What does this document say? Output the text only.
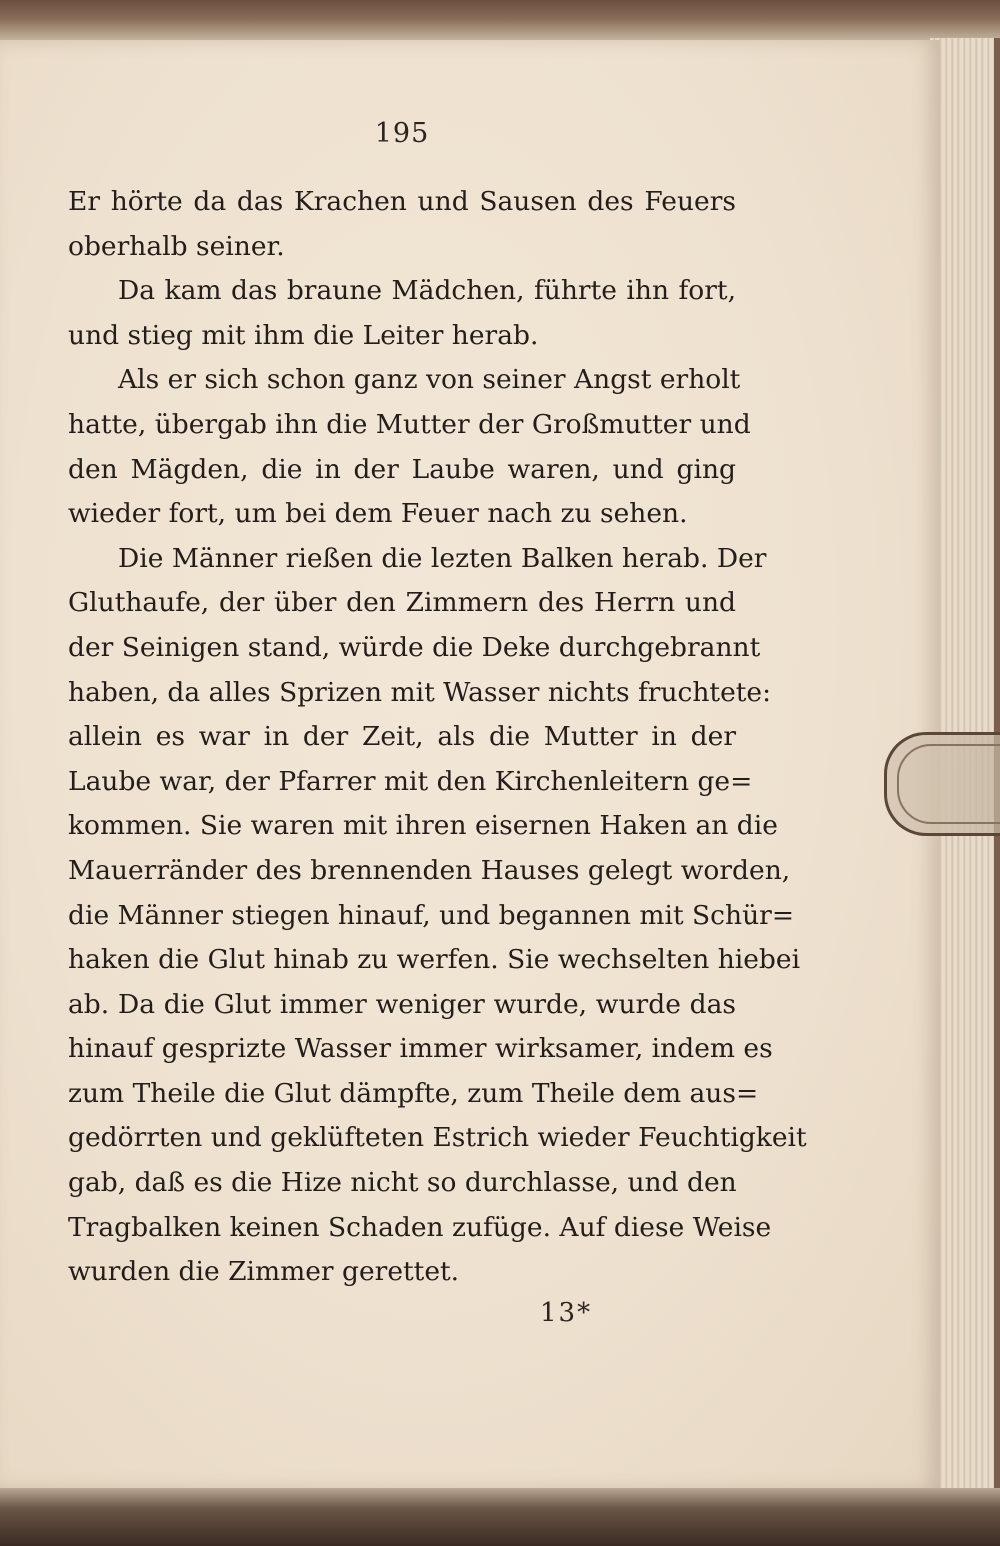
195
Er hörte da das Krachen und Sausen des Feuers
oberhalb seiner.
Da kam das braune Mädchen, führte ihn fort,
und stieg mit ihm die Leiter herab.
Als er sich schon ganz von seiner Angst erholt
hatte, übergab ihn die Mutter der Großmutter und
den Mägden, die in der Laube waren, und ging
wieder fort, um bei dem Feuer nach zu sehen.
Die Männer rießen die lezten Balken herab. Der
Gluthaufe, der über den Zimmern des Herrn und
der Seinigen stand, würde die Deke durchgebrannt
haben, da alles Sprizen mit Wasser nichts fruchtete:
allein es war in der Zeit, als die Mutter in der
Laube war, der Pfarrer mit den Kirchenleitern ge=
kommen. Sie waren mit ihren eisernen Haken an die
Mauerränder des brennenden Hauses gelegt worden,
die Männer stiegen hinauf, und begannen mit Schür=
haken die Glut hinab zu werfen. Sie wechselten hiebei
ab. Da die Glut immer weniger wurde, wurde das
hinauf gesprizte Wasser immer wirksamer, indem es
zum Theile die Glut dämpfte, zum Theile dem aus=
gedörrten und geklüfteten Estrich wieder Feuchtigkeit
gab, daß es die Hize nicht so durchlasse, und den
Tragbalken keinen Schaden zufüge. Auf diese Weise
wurden die Zimmer gerettet.
13*
